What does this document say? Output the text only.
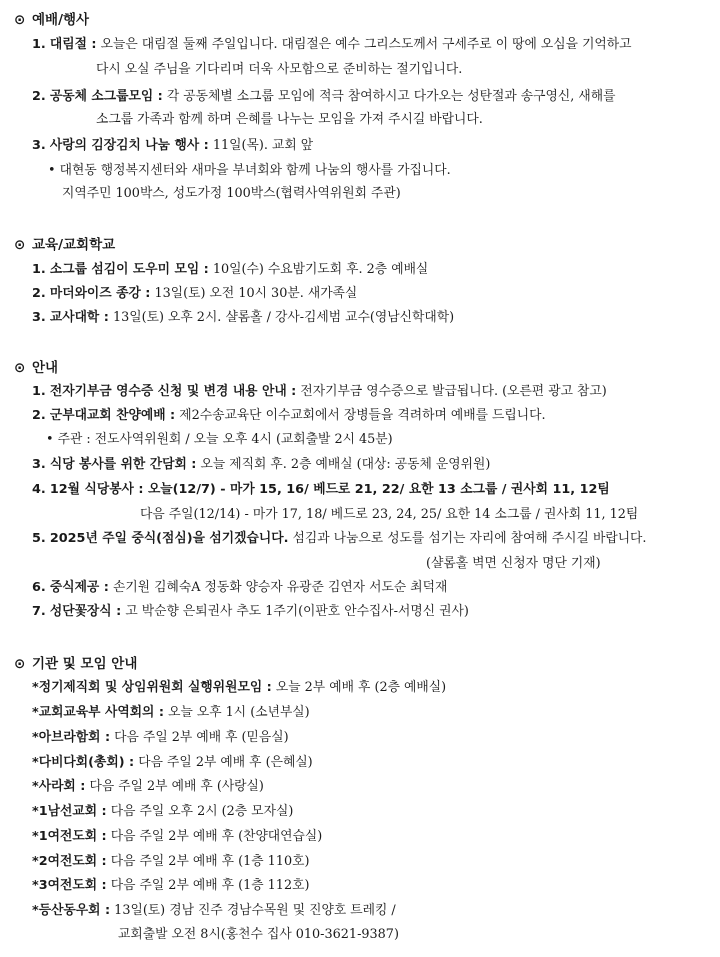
⊙ 예배/행사
1. 대림절 : 오늘은 대림절 둘째 주일입니다. 대림절은 예수 그리스도께서 구세주로 이 땅에 오심을 기억하고
다시 오실 주님을 기다리며 더욱 사모함으로 준비하는 절기입니다.
2. 공동체 소그룹모임 : 각 공동체별 소그룹 모임에 적극 참여하시고 다가오는 성탄절과 송구영신, 새해를
소그룹 가족과 함께 하며 은혜를 나누는 모임을 가져 주시길 바랍니다.
3. 사랑의 김장김치 나눔 행사 : 11일(목). 교회 앞
• 대현동 행정복지센터와 새마을 부녀회와 함께 나눔의 행사를 가집니다.
지역주민 100박스, 성도가정 100박스(협력사역위원회 주관)
⊙ 교육/교회학교
1. 소그룹 섬김이 도우미 모임 : 10일(수) 수요밤기도회 후. 2층 예배실
2. 마더와이즈 종강 : 13일(토) 오전 10시 30분. 새가족실
3. 교사대학 : 13일(토) 오후 2시. 샬롬홀 / 강사-김세범 교수(영남신학대학)
⊙ 안내
1. 전자기부금 영수증 신청 및 변경 내용 안내 : 전자기부금 영수증으로 발급됩니다. (오른편 광고 참고)
2. 군부대교회 찬양예배 : 제2수송교육단 이수교회에서 장병들을 격려하며 예배를 드립니다.
• 주관 : 전도사역위원회 / 오늘 오후 4시 (교회출발 2시 45분)
3. 식당 봉사를 위한 간담회 : 오늘 제직회 후. 2층 예배실 (대상: 공동체 운영위원)
4. 12월 식당봉사 : 오늘(12/7) - 마가 15, 16/ 베드로 21, 22/ 요한 13 소그룹 / 권사회 11, 12팀
다음 주일(12/14) - 마가 17, 18/ 베드로 23, 24, 25/ 요한 14 소그룹 / 권사회 11, 12팀
5. 2025년 주일 중식(점심)을 섬기겠습니다. 섬김과 나눔으로 성도를 섬기는 자리에 참여해 주시길 바랍니다.
(샬롬홀 벽면 신청자 명단 기재)
6. 중식제공 : 손기원 김혜숙A 정동화 양승자 유광준 김연자 서도순 최덕재
7. 성단꽃장식 : 고 박순향 은퇴권사 추도 1주기(이판호 안수집사-서명신 권사)
⊙ 기관 및 모임 안내
*정기제직회 및 상임위원회 실행위원모임 : 오늘 2부 예배 후 (2층 예배실)
*교회교육부 사역회의 : 오늘 오후 1시 (소년부실)
*아브라함회 : 다음 주일 2부 예배 후 (믿음실)
*다비다회(총회) : 다음 주일 2부 예배 후 (은혜실)
*사라회 : 다음 주일 2부 예배 후 (사랑실)
*1남선교회 : 다음 주일 오후 2시 (2층 모자실)
*1여전도회 : 다음 주일 2부 예배 후 (찬양대연습실)
*2여전도회 : 다음 주일 2부 예배 후 (1층 110호)
*3여전도회 : 다음 주일 2부 예배 후 (1층 112호)
*등산동우회 : 13일(토) 경남 진주 경남수목원 및 진양호 트레킹 /
교회출발 오전 8시(홍천수 집사 010-3621-9387)
